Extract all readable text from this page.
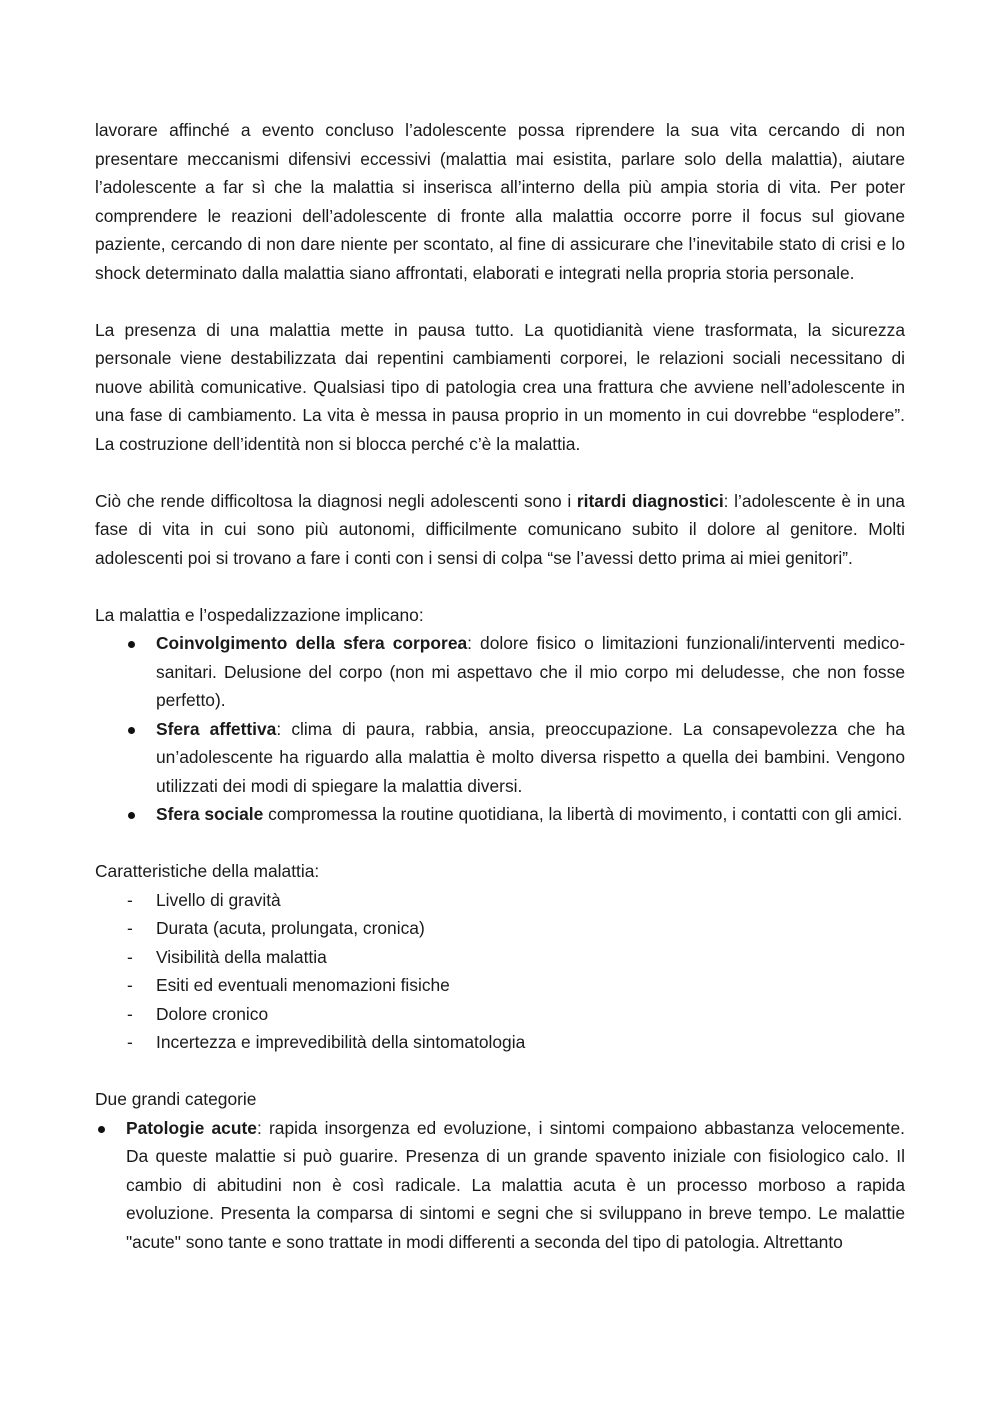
lavorare affinché a evento concluso l’adolescente possa riprendere la sua vita cercando di non presentare meccanismi difensivi eccessivi (malattia mai esistita, parlare solo della malattia), aiutare l’adolescente a far sì che la malattia si inserisca all’interno della più ampia storia di vita. Per poter comprendere le reazioni dell’adolescente di fronte alla malattia occorre porre il focus sul giovane paziente, cercando di non dare niente per scontato, al fine di assicurare che l’inevitabile stato di crisi e lo shock determinato dalla malattia siano affrontati, elaborati e integrati nella propria storia personale.

La presenza di una malattia mette in pausa tutto. La quotidianità viene trasformata, la sicurezza personale viene destabilizzata dai repentini cambiamenti corporei, le relazioni sociali necessitano di nuove abilità comunicative. Qualsiasi tipo di patologia crea una frattura che avviene nell’adolescente in una fase di cambiamento. La vita è messa in pausa proprio in un momento in cui dovrebbe “esplodere”. La costruzione dell’identità non si blocca perché c’è la malattia.

Ciò che rende difficoltosa la diagnosi negli adolescenti sono i ritardi diagnostici: l’adolescente è in una fase di vita in cui sono più autonomi, difficilmente comunicano subito il dolore al genitore. Molti adolescenti poi si trovano a fare i conti con i sensi di colpa “se l’avessi detto prima ai miei genitori”.

La malattia e l’ospedalizzazione implicano:

Coinvolgimento della sfera corporea: dolore fisico o limitazioni funzionali/interventi medico-sanitari. Delusione del corpo (non mi aspettavo che il mio corpo mi deludesse, che non fosse perfetto).
Sfera affettiva: clima di paura, rabbia, ansia, preoccupazione. La consapevolezza che ha un’adolescente ha riguardo alla malattia è molto diversa rispetto a quella dei bambini. Vengono utilizzati dei modi di spiegare la malattia diversi.
Sfera sociale compromessa la routine quotidiana, la libertà di movimento, i contatti con gli amici.

Caratteristiche della malattia:

- Livello di gravità
- Durata (acuta, prolungata, cronica)
- Visibilità della malattia
- Esiti ed eventuali menomazioni fisiche
- Dolore cronico
- Incertezza e imprevedibilità della sintomatologia

Due grandi categorie

Patologie acute: rapida insorgenza ed evoluzione, i sintomi compaiono abbastanza velocemente. Da queste malattie si può guarire. Presenza di un grande spavento iniziale con fisiologico calo. Il cambio di abitudini non è così radicale. La malattia acuta è un processo morboso a rapida evoluzione. Presenta la comparsa di sintomi e segni che si sviluppano in breve tempo. Le malattie "acute" sono tante e sono trattate in modi differenti a seconda del tipo di patologia. Altrettanto
